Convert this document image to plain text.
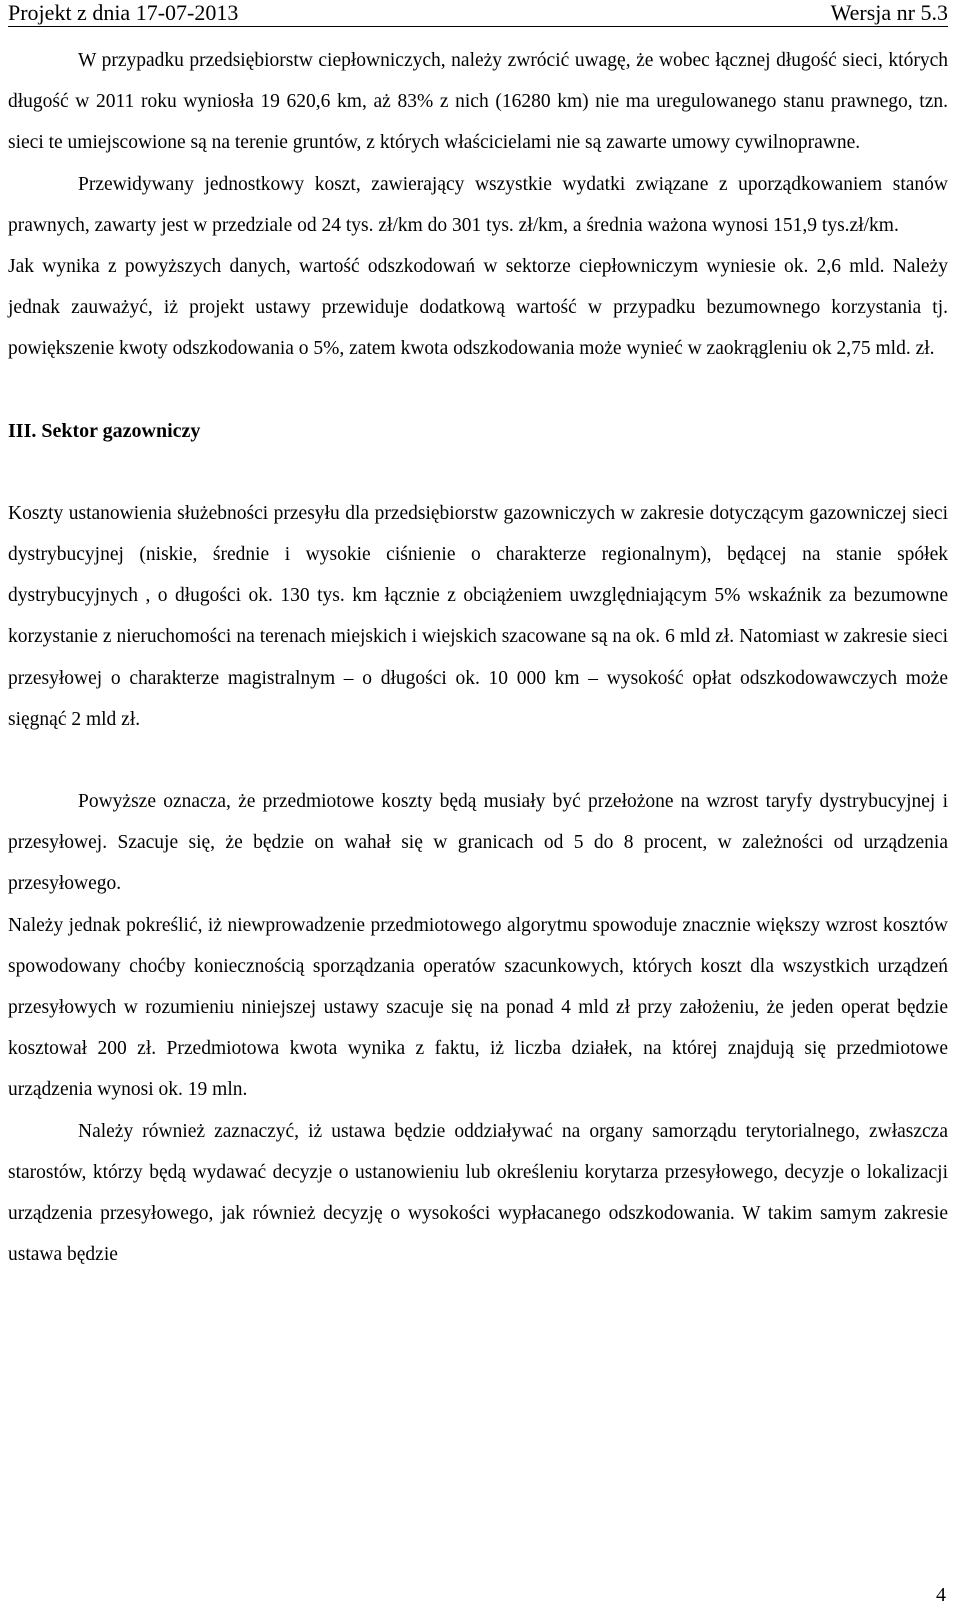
Projekt z dnia 17-07-2013	Wersja nr 5.3

W przypadku przedsiębiorstw ciepłowniczych, należy zwrócić uwagę, że wobec łącznej długość sieci, których długość w 2011 roku wyniosła 19 620,6 km, aż 83% z nich (16280 km) nie ma uregulowanego stanu prawnego, tzn. sieci te umiejscowione są na terenie gruntów, z których właścicielami nie są zawarte umowy cywilnoprawne.

Przewidywany jednostkowy koszt, zawierający wszystkie wydatki związane z uporządkowaniem stanów prawnych, zawarty jest w przedziale od 24 tys. zł/km do 301 tys. zł/km, a średnia ważona wynosi 151,9 tys.zł/km.

Jak wynika z powyższych danych, wartość odszkodowań w sektorze ciepłowniczym wyniesie ok. 2,6 mld. Należy jednak zauważyć, iż projekt ustawy przewiduje dodatkową wartość w przypadku bezumownego korzystania tj. powiększenie kwoty odszkodowania o 5%, zatem kwota odszkodowania może wynieć w zaokrągleniu ok 2,75 mld. zł.

III. Sektor gazowniczy

Koszty ustanowienia służebności przesyłu dla przedsiębiorstw gazowniczych w zakresie dotyczącym gazowniczej sieci dystrybucyjnej (niskie, średnie i wysokie ciśnienie o charakterze regionalnym), będącej na stanie spółek dystrybucyjnych , o długości ok. 130 tys. km łącznie z obciążeniem uwzględniającym 5% wskaźnik za bezumowne korzystanie z nieruchomości na terenach miejskich i wiejskich szacowane są na ok. 6 mld zł. Natomiast w zakresie sieci przesyłowej o charakterze magistralnym – o długości ok. 10 000 km – wysokość opłat odszkodowawczych może sięgnąć 2 mld zł.

Powyższe oznacza, że przedmiotowe koszty będą musiały być przełożone na wzrost taryfy dystrybucyjnej i przesyłowej. Szacuje się, że będzie on wahał się w granicach od 5 do 8 procent, w zależności od urządzenia przesyłowego.

Należy jednak pokreślić, iż niewprowadzenie przedmiotowego algorytmu spowoduje znacznie większy wzrost kosztów spowodowany choćby koniecznością sporządzania operatów szacunkowych, których koszt dla wszystkich urządzeń przesyłowych w rozumieniu niniejszej ustawy szacuje się na ponad 4 mld zł przy założeniu, że jeden operat będzie kosztował 200 zł. Przedmiotowa kwota wynika z faktu, iż liczba działek, na której znajdują się przedmiotowe urządzenia wynosi ok. 19 mln.

Należy również zaznaczyć, iż ustawa będzie oddziaływać na organy samorządu terytorialnego, zwłaszcza starostów, którzy będą wydawać decyzje o ustanowieniu lub określeniu korytarza przesyłowego, decyzje o lokalizacji urządzenia przesyłowego, jak również decyzję o wysokości wypłacanego odszkodowania. W takim samym zakresie ustawa będzie

4
